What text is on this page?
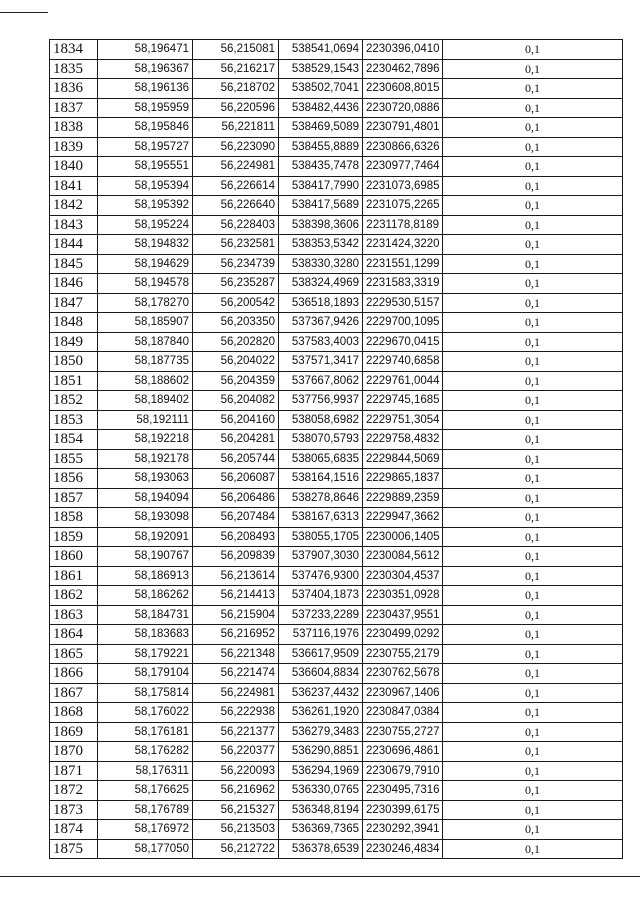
1834	58,196471	56,215081	538541,0694	2230396,0410	0,1
1835	58,196367	56,216217	538529,1543	2230462,7896	0,1
1836	58,196136	56,218702	538502,7041	2230608,8015	0,1
1837	58,195959	56,220596	538482,4436	2230720,0886	0,1
1838	58,195846	56,221811	538469,5089	2230791,4801	0,1
1839	58,195727	56,223090	538455,8889	2230866,6326	0,1
1840	58,195551	56,224981	538435,7478	2230977,7464	0,1
1841	58,195394	56,226614	538417,7990	2231073,6985	0,1
1842	58,195392	56,226640	538417,5689	2231075,2265	0,1
1843	58,195224	56,228403	538398,3606	2231178,8189	0,1
1844	58,194832	56,232581	538353,5342	2231424,3220	0,1
1845	58,194629	56,234739	538330,3280	2231551,1299	0,1
1846	58,194578	56,235287	538324,4969	2231583,3319	0,1
1847	58,178270	56,200542	536518,1893	2229530,5157	0,1
1848	58,185907	56,203350	537367,9426	2229700,1095	0,1
1849	58,187840	56,202820	537583,4003	2229670,0415	0,1
1850	58,187735	56,204022	537571,3417	2229740,6858	0,1
1851	58,188602	56,204359	537667,8062	2229761,0044	0,1
1852	58,189402	56,204082	537756,9937	2229745,1685	0,1
1853	58,192111	56,204160	538058,6982	2229751,3054	0,1
1854	58,192218	56,204281	538070,5793	2229758,4832	0,1
1855	58,192178	56,205744	538065,6835	2229844,5069	0,1
1856	58,193063	56,206087	538164,1516	2229865,1837	0,1
1857	58,194094	56,206486	538278,8646	2229889,2359	0,1
1858	58,193098	56,207484	538167,6313	2229947,3662	0,1
1859	58,192091	56,208493	538055,1705	2230006,1405	0,1
1860	58,190767	56,209839	537907,3030	2230084,5612	0,1
1861	58,186913	56,213614	537476,9300	2230304,4537	0,1
1862	58,186262	56,214413	537404,1873	2230351,0928	0,1
1863	58,184731	56,215904	537233,2289	2230437,9551	0,1
1864	58,183683	56,216952	537116,1976	2230499,0292	0,1
1865	58,179221	56,221348	536617,9509	2230755,2179	0,1
1866	58,179104	56,221474	536604,8834	2230762,5678	0,1
1867	58,175814	56,224981	536237,4432	2230967,1406	0,1
1868	58,176022	56,222938	536261,1920	2230847,0384	0,1
1869	58,176181	56,221377	536279,3483	2230755,2727	0,1
1870	58,176282	56,220377	536290,8851	2230696,4861	0,1
1871	58,176311	56,220093	536294,1969	2230679,7910	0,1
1872	58,176625	56,216962	536330,0765	2230495,7316	0,1
1873	58,176789	56,215327	536348,8194	2230399,6175	0,1
1874	58,176972	56,213503	536369,7365	2230292,3941	0,1
1875	58,177050	56,212722	536378,6539	2230246,4834	0,1
